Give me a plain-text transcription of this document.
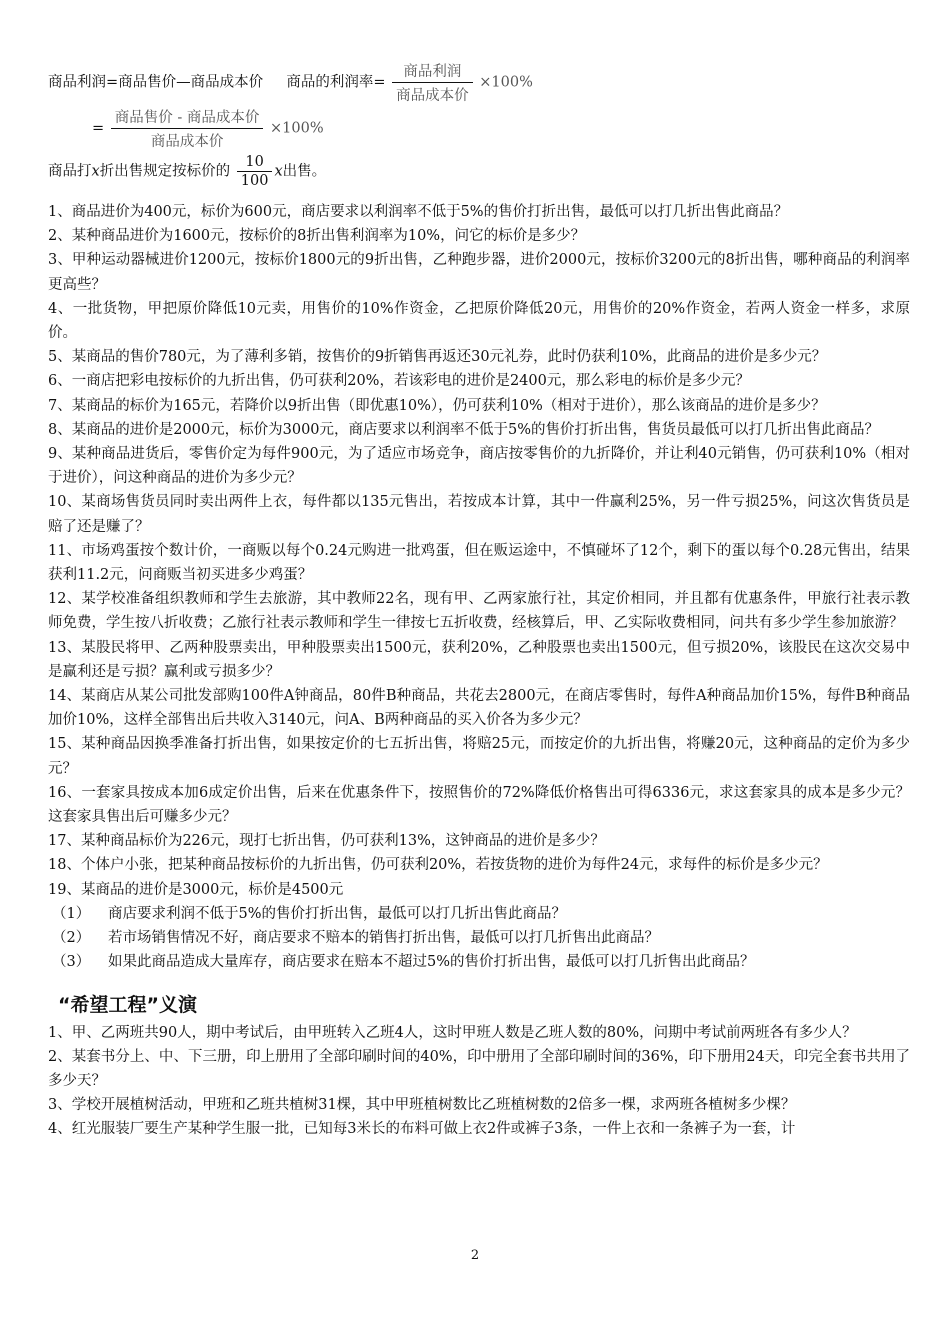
商品利润=商品售价—商品成本价 商品的利润率= $\frac{\text{商品利润}}{\text{商品成本价}} \times 100\%$
= $\frac{\text{商品售价 - 商品成本价}}{\text{商品成本价}} \times 100\%$
商品打x折出售规定按标价的 $\frac{10}{100}$ x出售。

1、商品进价为400元，标价为600元，商店要求以利润率不低于5%的售价打折出售，最低可以打几折出售此商品？

2、某种商品进价为1600元，按标价的8折出售利润率为10%，问它的标价是多少？

3、甲种运动器械进价1200元，按标价1800元的9折出售，乙种跑步器，进价2000元，按标价3200元的8折出售，哪种商品的利润率更高些？

4、一批货物，甲把原价降低10元卖，用售价的10%作资金，乙把原价降低20元，用售价的20%作资金，若两人资金一样多，求原价。

5、某商品的售价780元，为了薄利多销，按售价的9折销售再返还30元礼券，此时仍获利10%，此商品的进价是多少元？

6、一商店把彩电按标价的九折出售，仍可获利20%，若该彩电的进价是2400元，那么彩电的标价是多少元？

7、某商品的标价为165元，若降价以9折出售（即优惠10%），仍可获利10%（相对于进价），那么该商品的进价是多少？

8、某商品的进价是2000元，标价为3000元，商店要求以利润率不低于5%的售价打折出售，售货员最低可以打几折出售此商品？

9、某种商品进货后，零售价定为每件900元，为了适应市场竞争，商店按零售价的九折降价，并让利40元销售，仍可获利10%（相对于进价），问这种商品的进价为多少元？

10、某商场售货员同时卖出两件上衣，每件都以135元售出，若按成本计算，其中一件赢利25%，另一件亏损25%，问这次售货员是赔了还是赚了？

11、市场鸡蛋按个数计价，一商贩以每个0.24元购进一批鸡蛋，但在贩运途中，不慎碰坏了12个，剩下的蛋以每个0.28元售出，结果获利11.2元，问商贩当初买进多少鸡蛋？

12、某学校准备组织教师和学生去旅游，其中教师22名，现有甲、乙两家旅行社，其定价相同，并且都有优惠条件，甲旅行社表示教师免费，学生按八折收费；乙旅行社表示教师和学生一律按七五折收费，经核算后，甲、乙实际收费相同，问共有多少学生参加旅游？

13、某股民将甲、乙两种股票卖出，甲种股票卖出1500元，获利20%，乙种股票也卖出1500元，但亏损20%，该股民在这次交易中是赢利还是亏损？赢利或亏损多少？

14、某商店从某公司批发部购100件A钟商品，80件B种商品，共花去2800元，在商店零售时，每件A种商品加价15%，每件B种商品加价10%，这样全部售出后共收入3140元，问A、B两种商品的买入价各为多少元？

15、某种商品因换季准备打折出售，如果按定价的七五折出售，将赔25元，而按定价的九折出售，将赚20元，这种商品的定价为多少元？

16、一套家具按成本加6成定价出售，后来在优惠条件下，按照售价的72%降低价格售出可得6336元，求这套家具的成本是多少元？这套家具售出后可赚多少元？

17、某种商品标价为226元，现打七折出售，仍可获利13%，这钟商品的进价是多少？

18、个体户小张，把某种商品按标价的九折出售，仍可获利20%，若按货物的进价为每件24元，求每件的标价是多少元？

19、某商品的进价是3000元，标价是4500元

（1） 商店要求利润不低于5%的售价打折出售，最低可以打几折出售此商品？

（2） 若市场销售情况不好，商店要求不赔本的销售打折出售，最低可以打几折售出此商品？

（3） 如果此商品造成大量库存，商店要求在赔本不超过5%的售价打折出售，最低可以打几折售出此商品？

“希望工程”义演

1、甲、乙两班共90人，期中考试后，由甲班转入乙班4人，这时甲班人数是乙班人数的80%，问期中考试前两班各有多少人？

2、某套书分上、中、下三册，印上册用了全部印刷时间的40%，印中册用了全部印刷时间的36%，印下册用24天，印完全套书共用了多少天？

3、学校开展植树活动，甲班和乙班共植树31棵，其中甲班植树数比乙班植树数的2倍多一棵，求两班各植树多少棵？

4、红光服装厂要生产某种学生服一批，已知每3米长的布料可做上衣2件或裤子3条，一件上衣和一条裤子为一套，计

2
